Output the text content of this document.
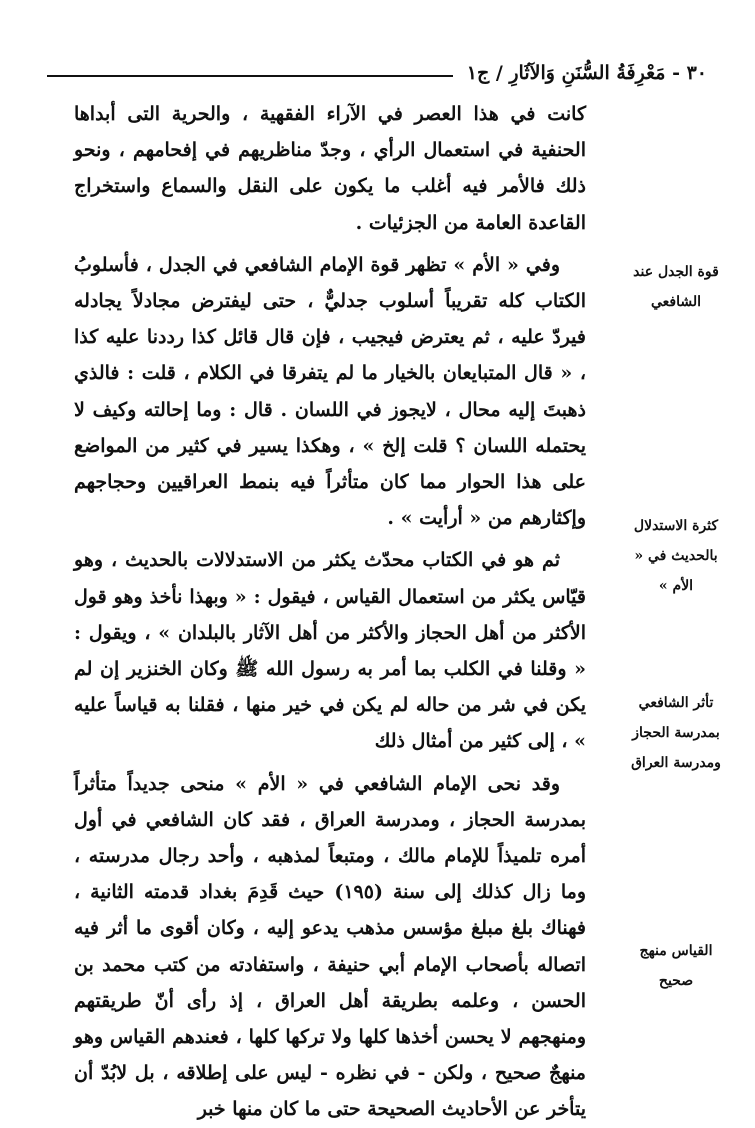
٣٠ - مَعْرِفَةُ السُّنَنِ وَالآثَارِ / ج١

كانت في هذا العصر في الآراء الفقهية ، والحرية التى أبداها الحنفية في استعمال الرأي ، وجدّ مناظريهم في إفحامهم ، ونحو ذلك فالأمر فيه أغلب ما يكون على النقل والسماع واستخراج القاعدة العامة من الجزئيات .

وفي « الأم » تظهر قوة الإمام الشافعي في الجدل ، فأسلوبُ الكتاب كله تقريباً أسلوب جدليٌّ ، حتى ليفترض مجادلاً يجادله فيردّ عليه ، ثم يعترض فيجيب ، فإن قال قائل كذا رددنا عليه كذا ، « قال المتبايعان بالخيار ما لم يتفرقا في الكلام ، قلت : فالذي ذهبتَ إليه محال ، لايجوز في اللسان . قال : وما إحالته وكيف لا يحتمله اللسان ؟ قلت إلخ » ، وهكذا يسير في كثير من المواضع على هذا الحوار مما كان متأثراً فيه بنمط العراقيين وحجاجهم وإكثارهم من « أرأيت » .

ثم هو في الكتاب محدّث يكثر من الاستدلالات بالحديث ، وهو قيّاس يكثر من استعمال القياس ، فيقول : « وبهذا نأخذ وهو قول الأكثر من أهل الحجاز والأكثر من أهل الآثار بالبلدان » ، ويقول : « وقلنا في الكلب بما أمر به رسول الله ﷺ وكان الخنزير إن لم يكن في شر من حاله لم يكن في خير منها ، فقلنا به قياساً عليه » ، إلى كثير من أمثال ذلك

وقد نحى الإمام الشافعي في « الأم » منحى جديداً متأثراً بمدرسة الحجاز ، ومدرسة العراق ، فقد كان الشافعي في أول أمره تلميذاً للإمام مالك ، ومتبعاً لمذهبه ، وأحد رجال مدرسته ، وما زال كذلك إلى سنة (١٩٥) حيث قَدِمَ بغداد قدمته الثانية ، فهناك بلغ مبلغ مؤسس مذهب يدعو إليه ، وكان أقوى ما أثر فيه اتصاله بأصحاب الإمام أبي حنيفة ، واستفادته من كتب محمد بن الحسن ، وعلمه بطريقة أهل العراق ، إذ رأى أنّ طريقتهم ومنهجهم لا يحسن أخذها كلها ولا تركها كلها ، فعندهم القياس وهو منهجٌ صحيح ، ولكن - في نظره - ليس على إطلاقه ، بل لابُدّ أن يتأخر عن الأحاديث الصحيحة حتى ما كان منها خبر

قوة الجدل عند الشافعي
كثرة الاستدلال بالحديث في « الأم »
تأثر الشافعي بمدرسة الحجاز ومدرسة العراق
القياس منهج صحيح
